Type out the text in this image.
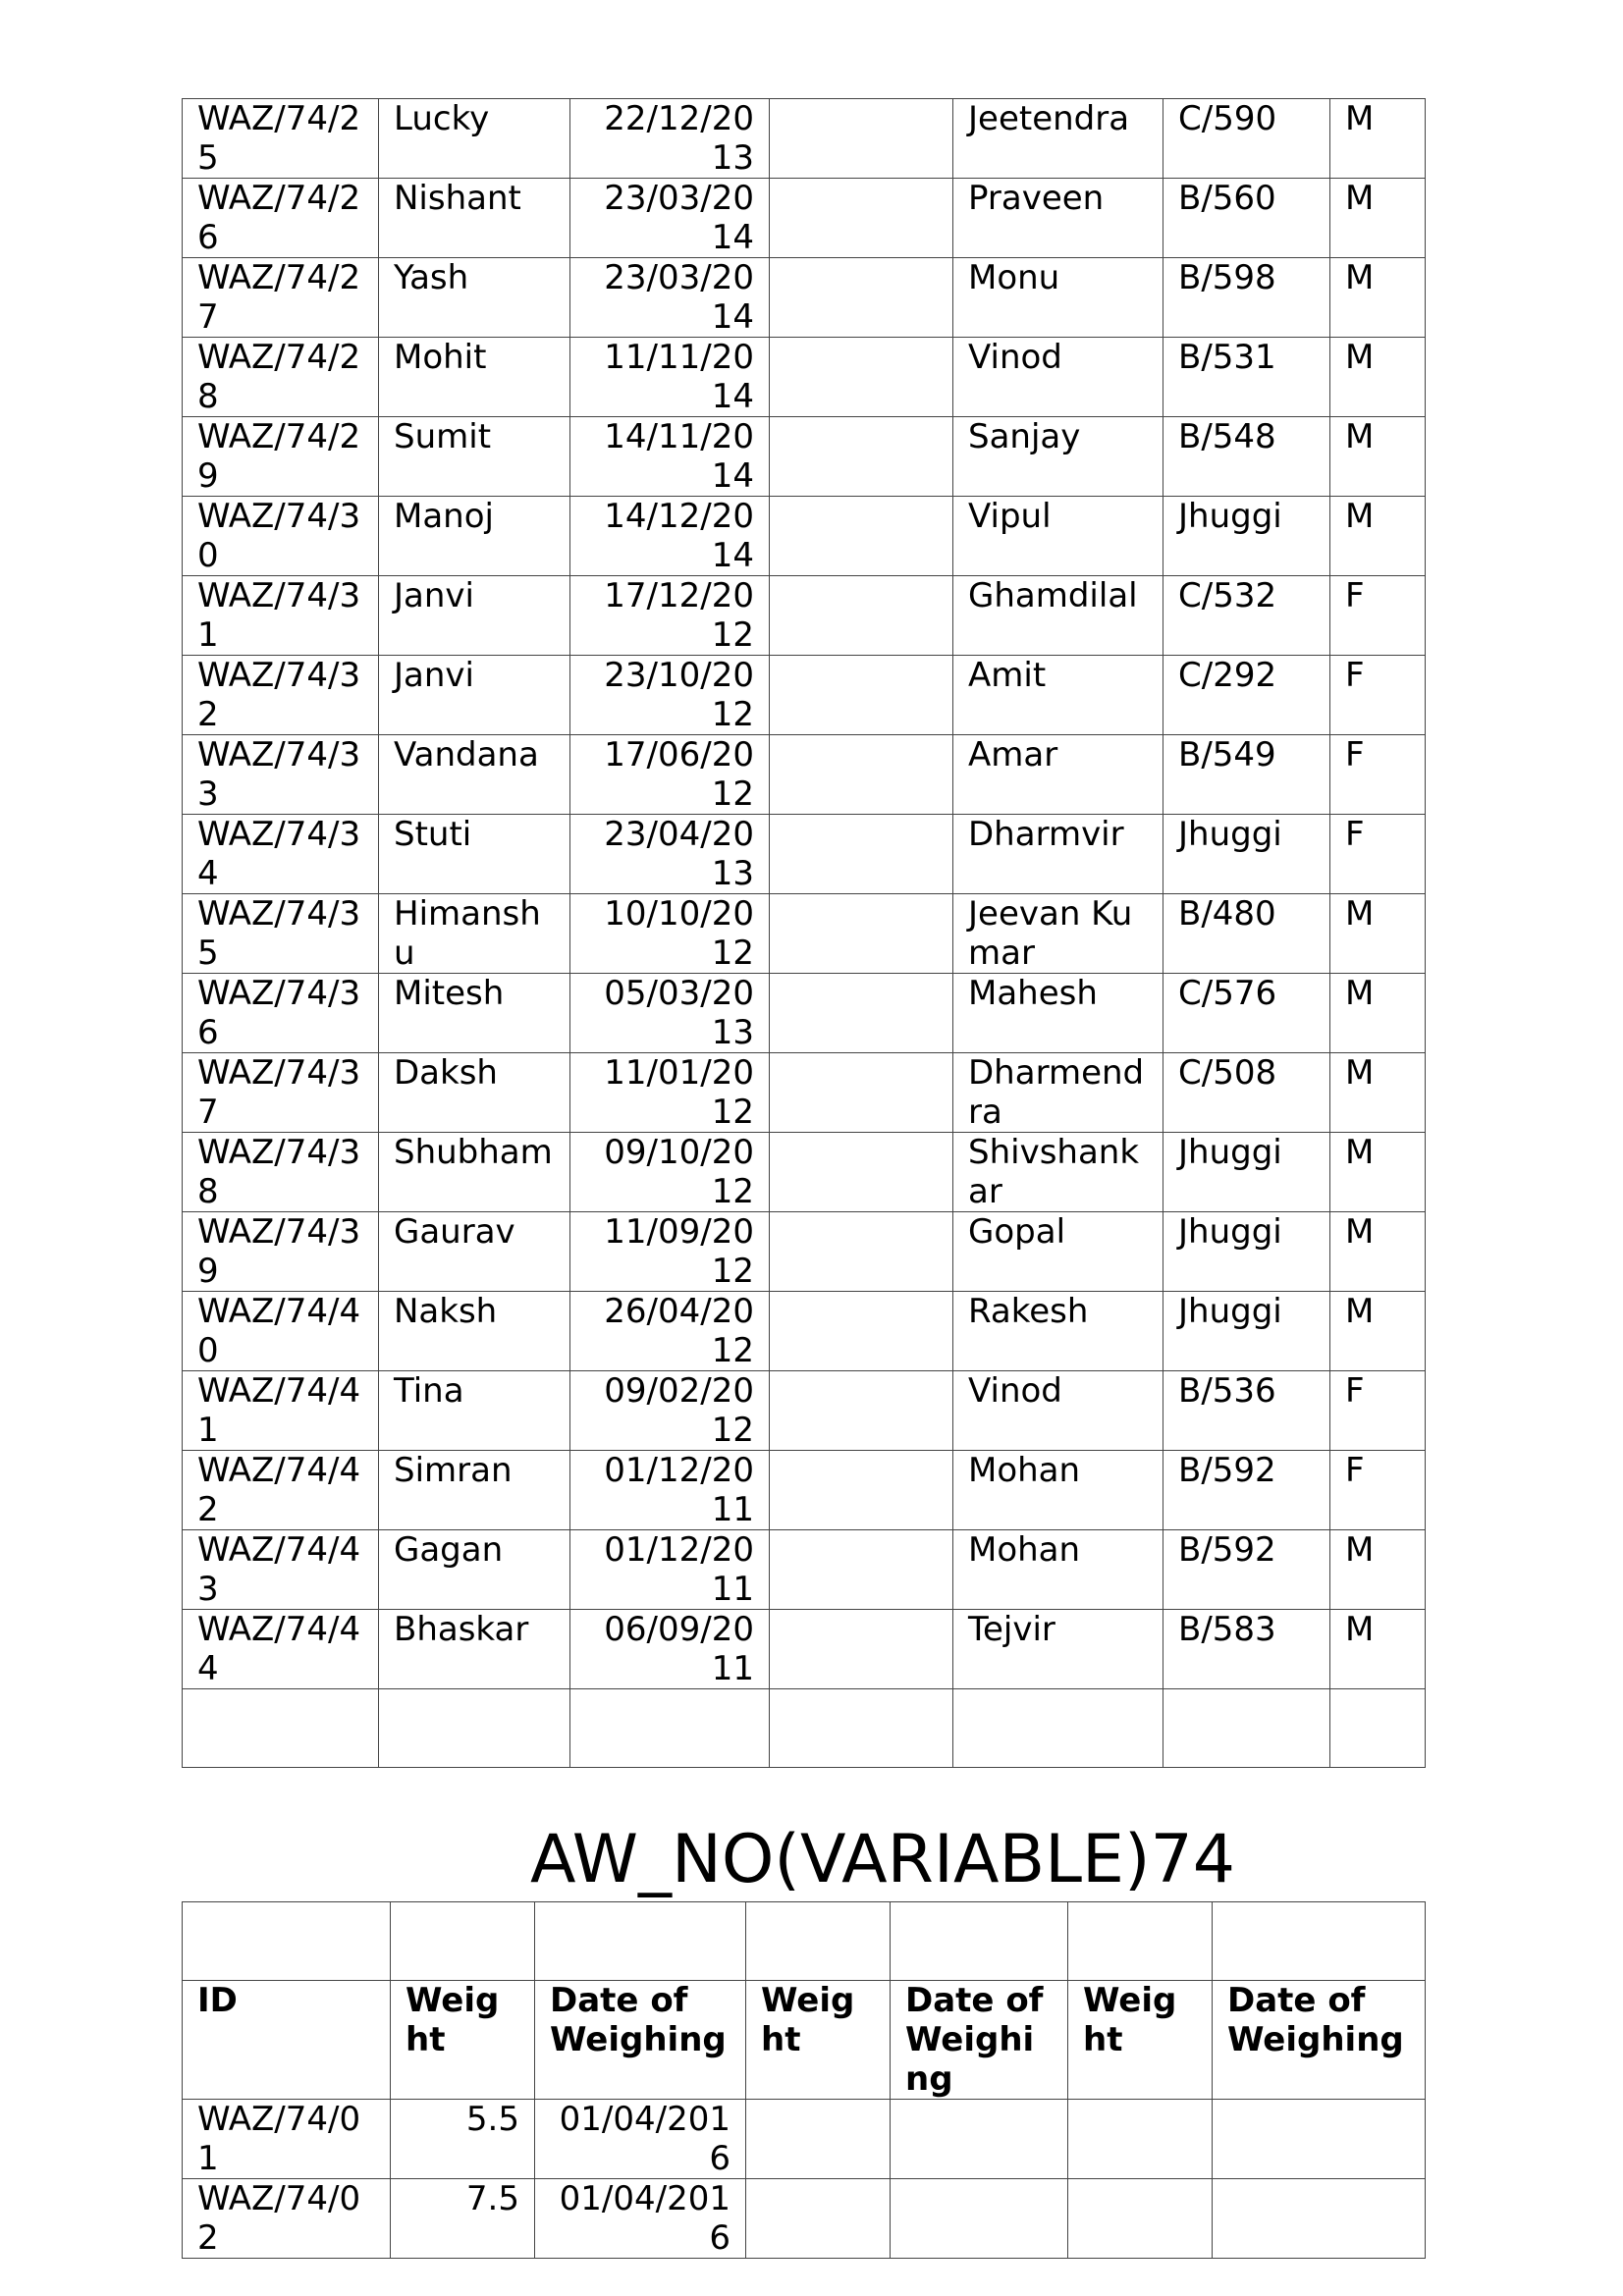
WAZ/74/25	Lucky	22/12/2013		Jeetendra	C/590	M
WAZ/74/26	Nishant	23/03/2014		Praveen	B/560	M
WAZ/74/27	Yash	23/03/2014		Monu	B/598	M
WAZ/74/28	Mohit	11/11/2014		Vinod	B/531	M
WAZ/74/29	Sumit	14/11/2014		Sanjay	B/548	M
WAZ/74/30	Manoj	14/12/2014		Vipul	Jhuggi	M
WAZ/74/31	Janvi	17/12/2012		Ghamdilal	C/532	F
WAZ/74/32	Janvi	23/10/2012		Amit	C/292	F
WAZ/74/33	Vandana	17/06/2012		Amar	B/549	F
WAZ/74/34	Stuti	23/04/2013		Dharmvir	Jhuggi	F
WAZ/74/35	Himanshu	10/10/2012		Jeevan Kumar	B/480	M
WAZ/74/36	Mitesh	05/03/2013		Mahesh	C/576	M
WAZ/74/37	Daksh	11/01/2012		Dharmendra	C/508	M
WAZ/74/38	Shubham	09/10/2012		Shivshankar	Jhuggi	M
WAZ/74/39	Gaurav	11/09/2012		Gopal	Jhuggi	M
WAZ/74/40	Naksh	26/04/2012		Rakesh	Jhuggi	M
WAZ/74/41	Tina	09/02/2012		Vinod	B/536	F
WAZ/74/42	Simran	01/12/2011		Mohan	B/592	F
WAZ/74/43	Gagan	01/12/2011		Mohan	B/592	M
WAZ/74/44	Bhaskar	06/09/2011		Tejvir	B/583	M

AW_NO(VARIABLE)74

ID	Weight	Date of Weighing	Weight	Date of Weighing	Weight	Date of Weighing
WAZ/74/01	5.5	01/04/2016				
WAZ/74/02	7.5	01/04/2016				
